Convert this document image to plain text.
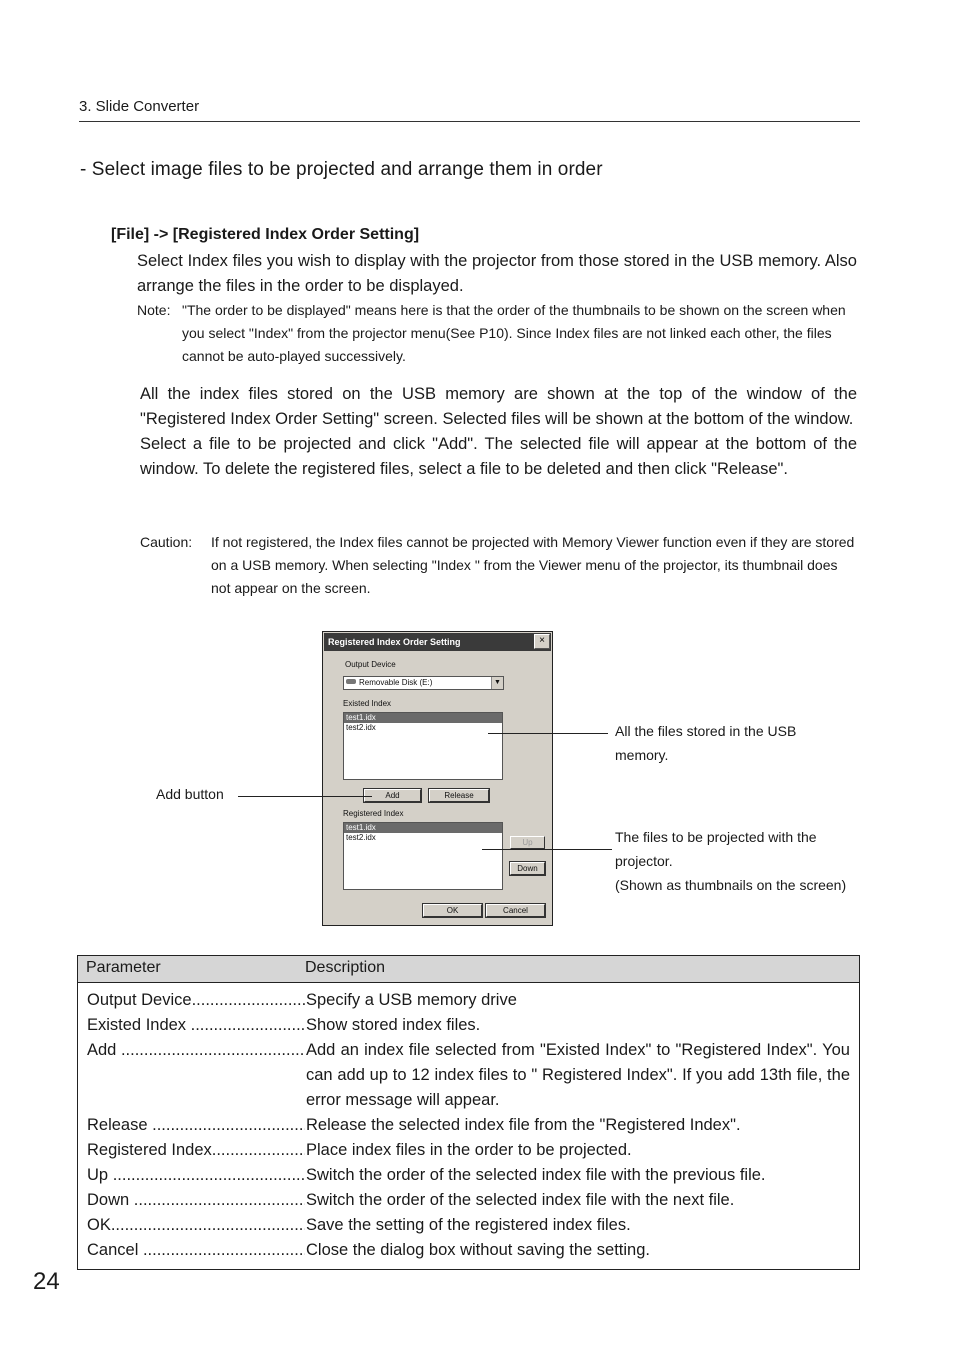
3. Slide Converter
- Select image files to be projected and arrange them in order
[File] -> [Registered Index Order Setting]
Select Index files you wish to display with the projector from those stored in the USB memory. Also arrange the files in the order to be displayed.
Note: "The order to be displayed" means here is that the order of the thumbnails to be shown on the screen when you select "Index" from the projector menu(See P10). Since Index files are not linked each other, the files cannot be auto-played successively.
All the index files stored on the USB memory are shown at the top of the window of the "Registered Index Order Setting" screen. Selected files will be shown at the bottom of the window.
Select a file to be projected and click "Add". The selected file will appear at the bottom of the window. To delete the registered files, select a file to be deleted and then click "Release".
Caution: If not registered, the Index files cannot be projected with Memory Viewer function even if they are stored on a USB memory. When selecting "Index " from the Viewer menu of the projector, its thumbnail does not appear on the screen.
Registered Index Order Setting	×
Output Device
Removable Disk (E:)	▼
Existed Index
test1.idx
test2.idx
Add	Release
Registered Index
test1.idx
test2.idx
Up
Down
OK	Cancel
All the files stored in the USB memory.
Add button
The files to be projected with the projector.
(Shown as thumbnails on the screen)
Parameter	Description
Output Device .....	Specify a USB memory drive
Existed Index .....	Show stored index files.
Add .....	Add an index file selected from "Existed Index" to "Registered Index". You can add up to 12 index files to " Registered Index". If you add 13th file, the error message will appear.
Release .....	Release the selected index file from the "Registered Index".
Registered Index .....	Place index files in the order to be projected.
Up .....	Switch the order of the selected index file with the previous file.
Down .....	Switch the order of the selected index file with the next file.
OK .....	Save the setting of the registered index files.
Cancel .....	Close the dialog box without saving the setting.
24
